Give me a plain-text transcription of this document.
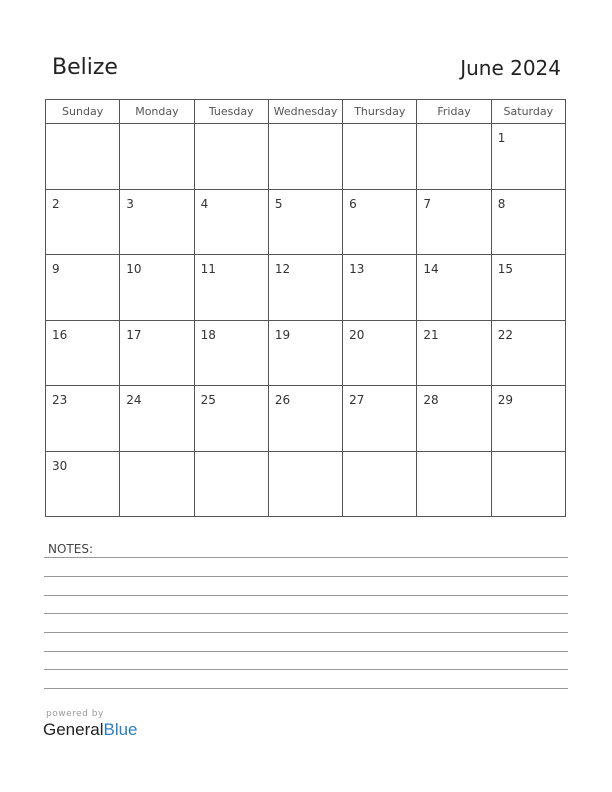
Belize	June 2024
Sunday	Monday	Tuesday	Wednesday	Thursday	Friday	Saturday

						1

2	3	4	5	6	7	8

9	10	11	12	13	14	15

16	17	18	19	20	21	22

23	24	25	26	27	28	29

30						

NOTES:
powered by
GeneralBlue
